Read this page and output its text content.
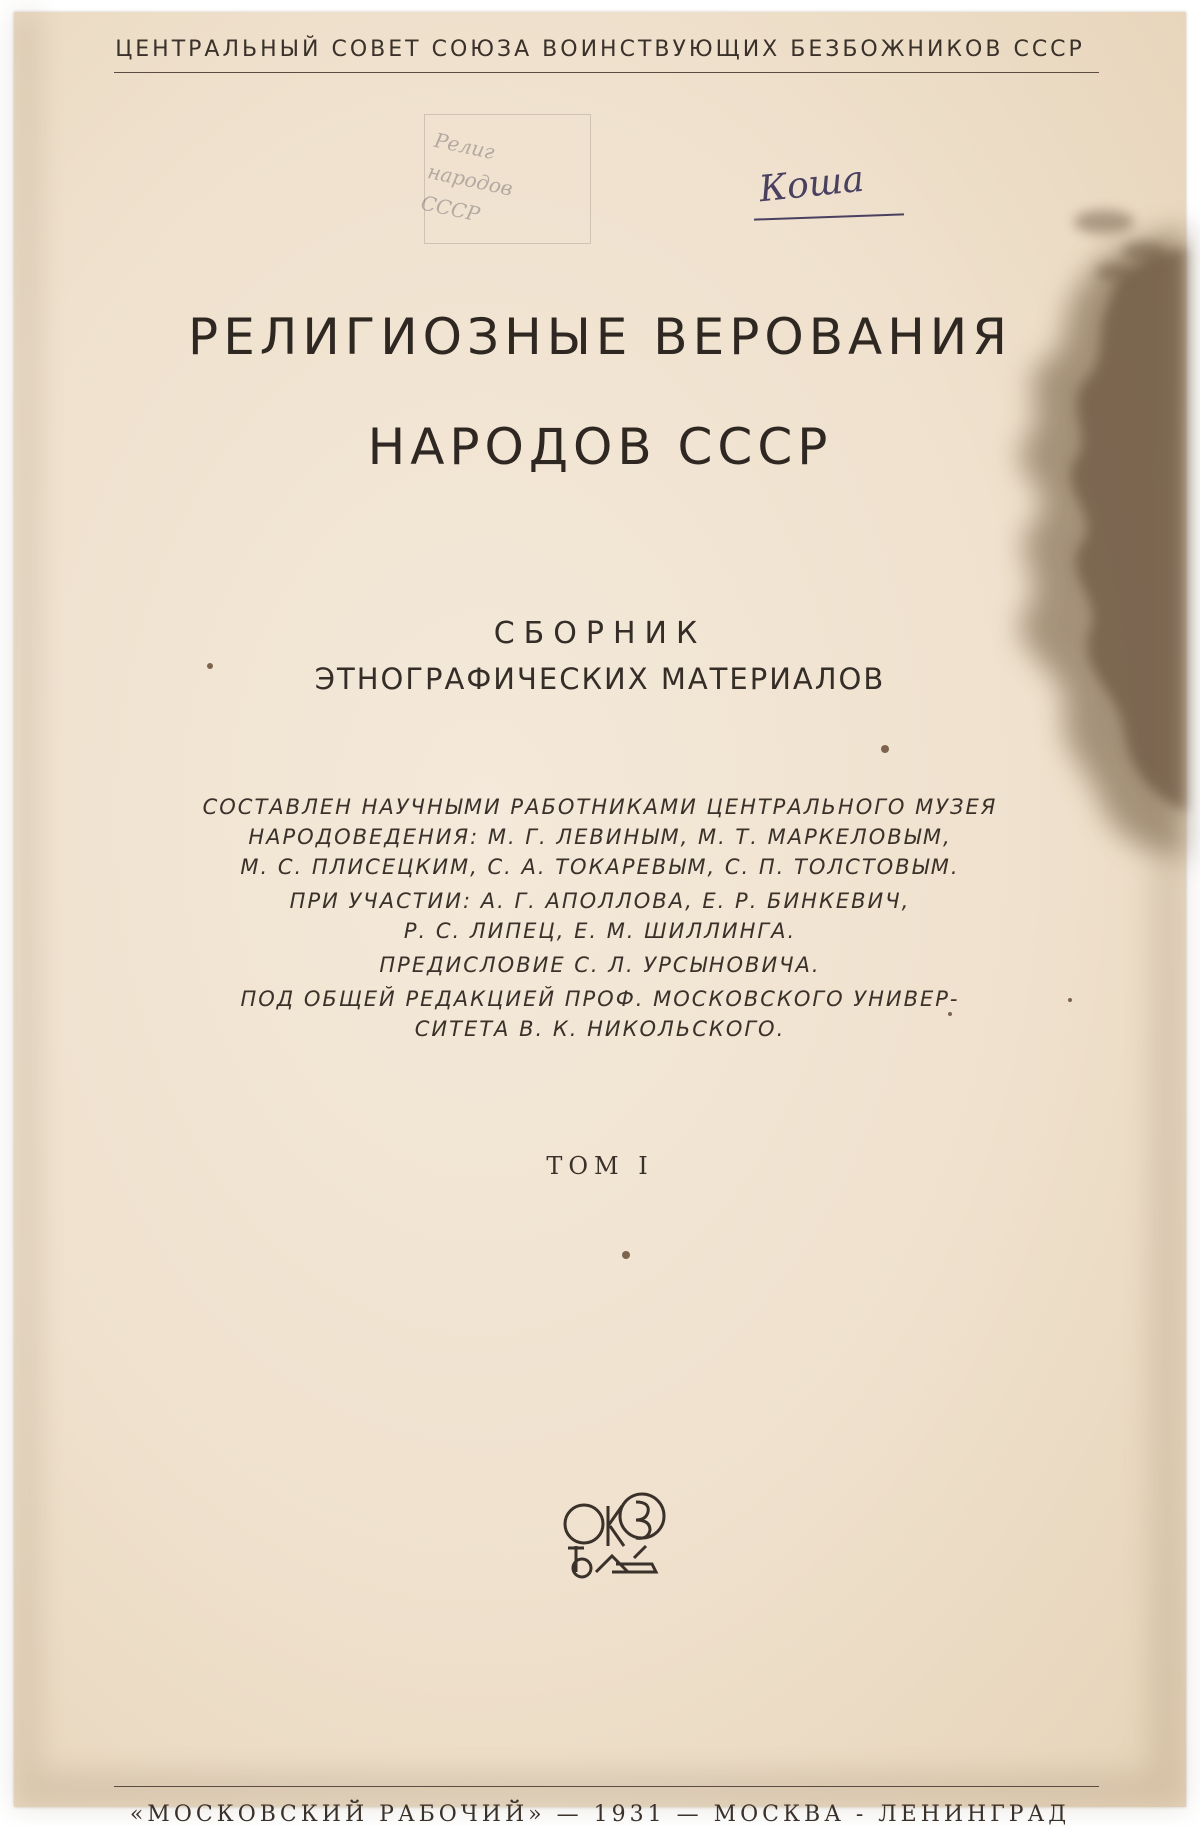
ЦЕНТРАЛЬНЫЙ СОВЕТ СОЮЗА ВОИНСТВУЮЩИХ БЕЗБОЖНИКОВ СССР
Религ
народов
СССР	Коша
РЕЛИГИОЗНЫЕ ВЕРОВАНИЯ
НАРОДОВ СССР
СБОРНИК
ЭТНОГРАФИЧЕСКИХ МАТЕРИАЛОВ
СОСТАВЛЕН НАУЧНЫМИ РАБОТНИКАМИ ЦЕНТРАЛЬНОГО МУЗЕЯ
НАРОДОВЕДЕНИЯ: М. Г. ЛЕВИНЫМ, М. Т. МАРКЕЛОВЫМ,
М. С. ПЛИСЕЦКИМ, С. А. ТОКАРЕВЫМ, С. П. ТОЛСТОВЫМ.
ПРИ УЧАСТИИ: А. Г. АПОЛЛОВА, Е. Р. БИНКЕВИЧ,
Р. С. ЛИПЕЦ, Е. М. ШИЛЛИНГА.
ПРЕДИСЛОВИЕ С. Л. УРСЫНОВИЧА.
ПОД ОБЩЕЙ РЕДАКЦИЕЙ ПРОФ. МОСКОВСКОГО УНИВЕР-
СИТЕТА В. К. НИКОЛЬСКОГО.
ТОМ I
«МОСКОВСКИЙ РАБОЧИЙ» — 1931 — МОСКВА - ЛЕНИНГРАД
